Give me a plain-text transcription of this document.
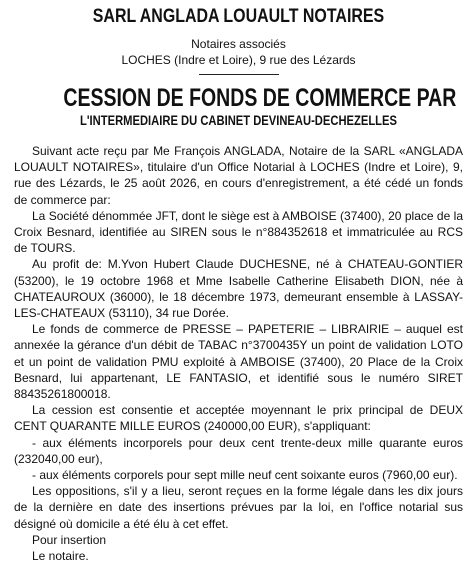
SARL ANGLADA LOUAULT NOTAIRES

Notaires associés

LOCHES (Indre et Loire), 9 rue des Lézards

CESSION DE FONDS DE COMMERCE PAR
L'INTERMEDIAIRE DU CABINET DEVINEAU-DECHEZELLES

Suivant acte reçu par Me François ANGLADA, Notaire de la SARL «ANGLADA LOUAULT NOTAIRES», titulaire d'un Office Notarial à LOCHES (Indre et Loire), 9, rue des Lézards, le 25 août 2026, en cours d'enregistrement, a été cédé un fonds de commerce par:

La Société dénommée JFT, dont le siège est à AMBOISE (37400), 20 place de la Croix Besnard, identifiée au SIREN sous le n°884352618 et immatriculée au RCS de TOURS.

Au profit de: M.Yvon Hubert Claude DUCHESNE, né à CHATEAU-GONTIER (53200), le 19 octobre 1968 et Mme Isabelle Catherine Elisabeth DION, née à CHATEAUROUX (36000), le 18 décembre 1973, demeurant ensemble à LASSAY-LES-CHATEAUX (53110), 34 rue Dorée.

Le fonds de commerce de PRESSE – PAPETERIE – LIBRAIRIE – auquel est annexée la gérance d'un débit de TABAC n°3700435Y un point de validation LOTO et un point de validation PMU exploité à AMBOISE (37400), 20 Place de la Croix Besnard, lui appartenant, LE FANTASIO, et identifié sous le numéro SIRET 88435261800018.

La cession est consentie et acceptée moyennant le prix principal de DEUX CENT QUARANTE MILLE EUROS (240000,00 EUR), s'appliquant:

- aux éléments incorporels pour deux cent trente-deux mille quarante euros (232040,00 eur),

- aux éléments corporels pour sept mille neuf cent soixante euros (7960,00 eur).

Les oppositions, s'il y a lieu, seront reçues en la forme légale dans les dix jours de la dernière en date des insertions prévues par la loi, en l'office notarial sus désigné où domicile a été élu à cet effet.

Pour insertion

Le notaire.
